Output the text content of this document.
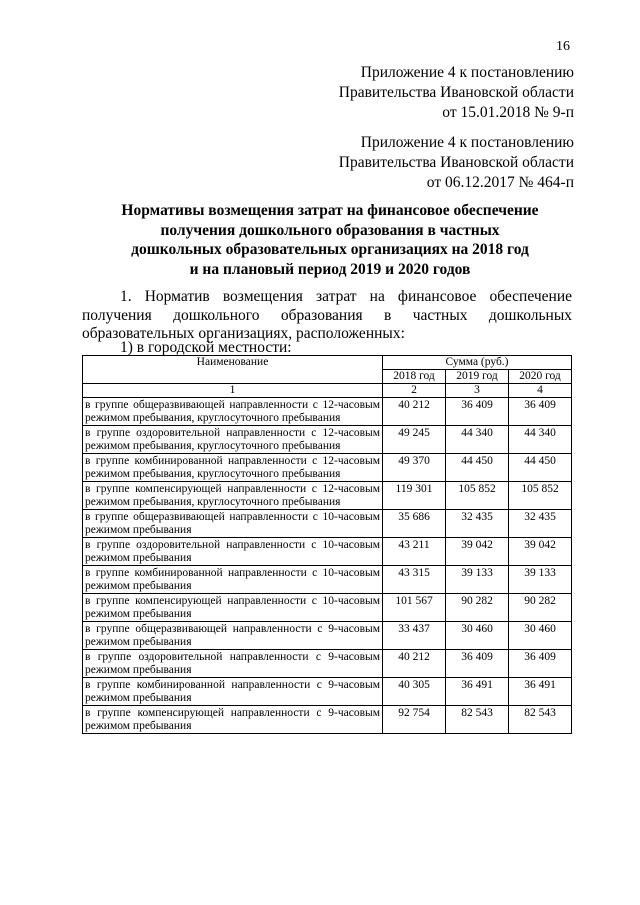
16
Приложение 4 к постановлению
Правительства Ивановской области
от 15.01.2018 № 9-п
Приложение 4 к постановлению
Правительства Ивановской области
от 06.12.2017 № 464-п
Нормативы возмещения затрат на финансовое обеспечение
получения дошкольного образования в частных
дошкольных образовательных организациях на 2018 год
и на плановый период 2019 и 2020 годов
1. Норматив возмещения затрат на финансовое обеспечение получения дошкольного образования в частных дошкольных образовательных организациях, расположенных:
1) в городской местности:
Наименование	Сумма (руб.)		
	2018 год	2019 год	2020 год
1	2	3	4
в группе общеразвивающей направленности с 12-часовым режимом пребывания, круглосуточного пребывания	40 212	36 409	36 409
в группе оздоровительной направленности с 12-часовым режимом пребывания, круглосуточного пребывания	49 245	44 340	44 340
в группе комбинированной направленности с 12-часовым режимом пребывания, круглосуточного пребывания	49 370	44 450	44 450
в группе компенсирующей направленности с 12-часовым режимом пребывания, круглосуточного пребывания	119 301	105 852	105 852
в группе общеразвивающей направленности с 10-часовым режимом пребывания	35 686	32 435	32 435
в группе оздоровительной направленности с 10-часовым режимом пребывания	43 211	39 042	39 042
в группе комбинированной направленности с 10-часовым режимом пребывания	43 315	39 133	39 133
в группе компенсирующей направленности с 10-часовым режимом пребывания	101 567	90 282	90 282
в группе общеразвивающей направленности с 9-часовым режимом пребывания	33 437	30 460	30 460
в группе оздоровительной направленности с 9-часовым режимом пребывания	40 212	36 409	36 409
в группе комбинированной направленности с 9-часовым режимом пребывания	40 305	36 491	36 491
в группе компенсирующей направленности с 9-часовым режимом пребывания	92 754	82 543	82 543
